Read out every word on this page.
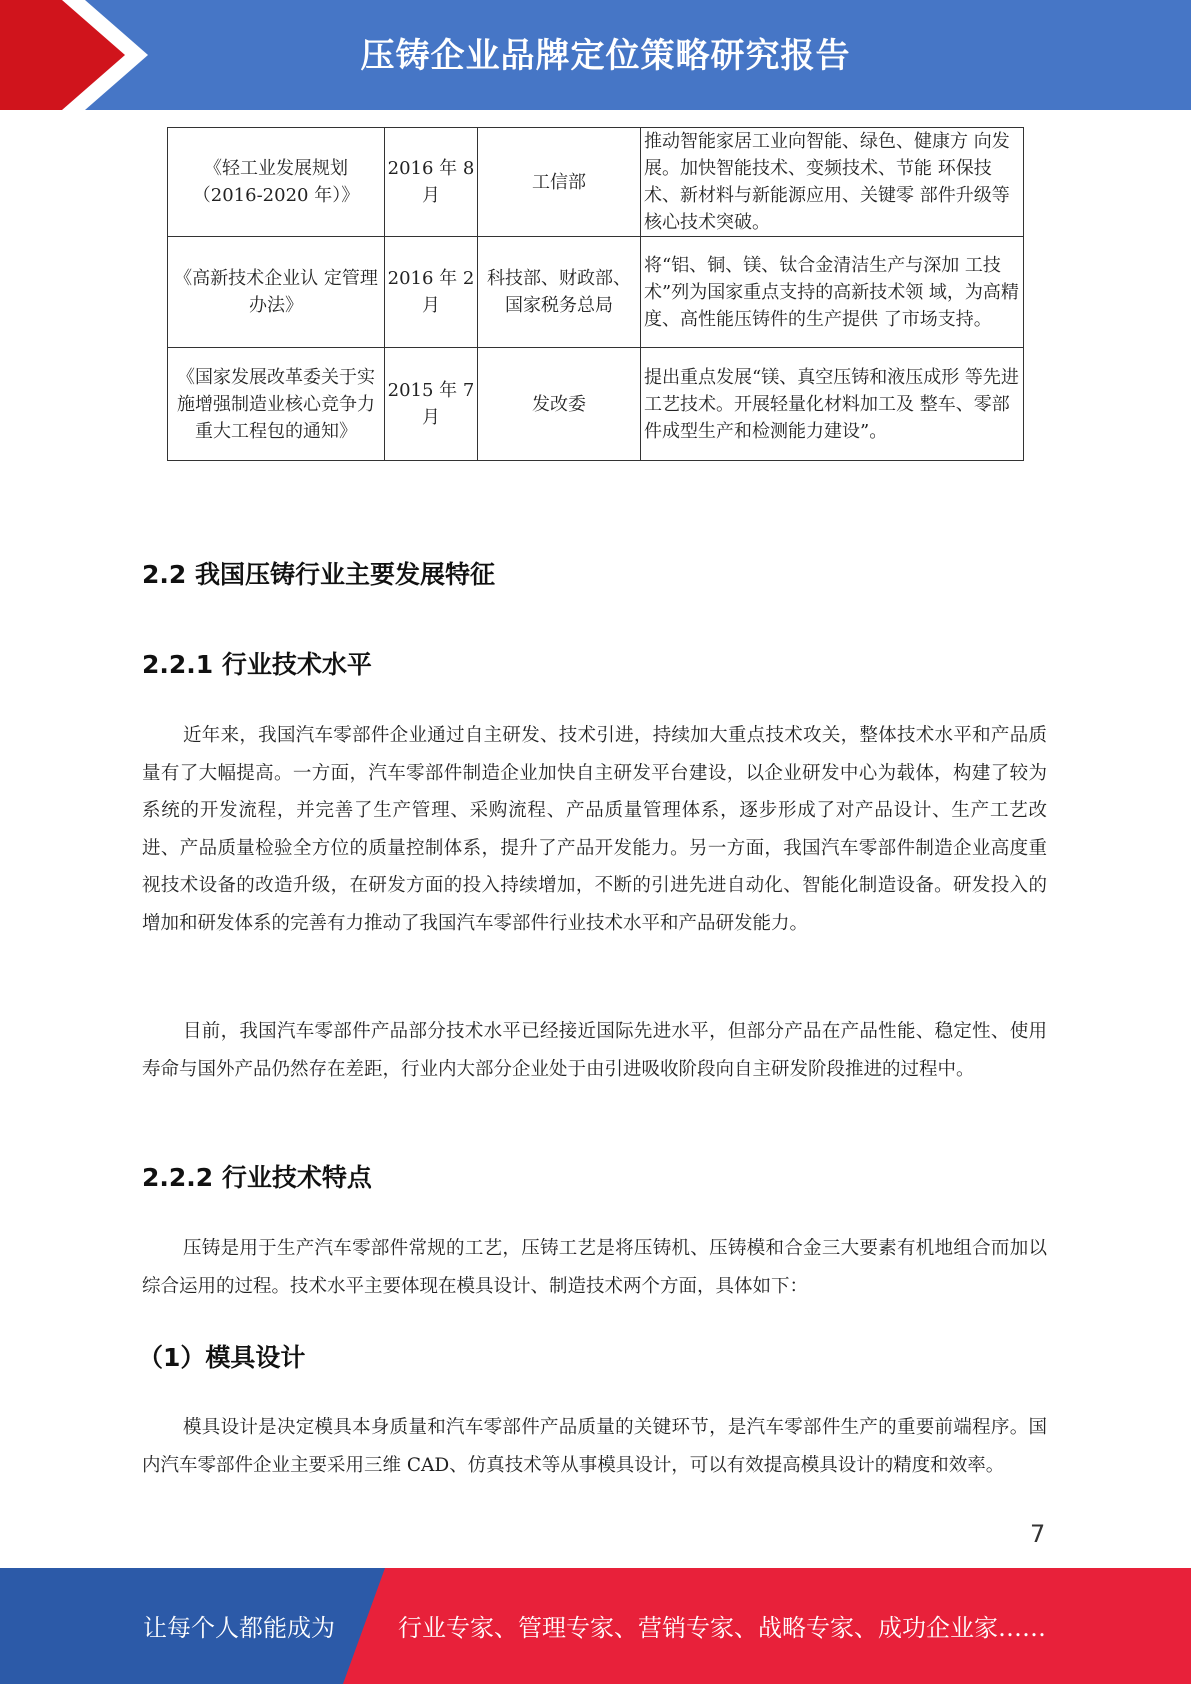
压铸企业品牌定位策略研究报告
《轻工业发展规划（2016-2020 年）》	2016 年 8 月	工信部	推动智能家居工业向智能、绿色、健康方 向发展。加快智能技术、变频技术、节能 环保技术、新材料与新能源应用、关键零 部件升级等核心技术突破。
《高新技术企业认 定管理办法》	2016 年 2 月	科技部、财政部、国家税务总局	将“铝、铜、镁、钛合金清洁生产与深加 工技术”列为国家重点支持的高新技术领 域，为高精度、高性能压铸件的生产提供 了市场支持。
《国家发展改革委关于实施增强制造业核心竞争力重大工程包的通知》	2015 年 7 月	发改委	提出重点发展“镁、真空压铸和液压成形 等先进工艺技术。开展轻量化材料加工及 整车、零部件成型生产和检测能力建设”。
2.2 我国压铸行业主要发展特征
2.2.1 行业技术水平

近年来，我国汽车零部件企业通过自主研发、技术引进，持续加大重点技术攻关，整体技术水平和产品质量有了大幅提高。一方面，汽车零部件制造企业加快自主研发平台建设，以企业研发中心为载体，构建了较为系统的开发流程，并完善了生产管理、采购流程、产品质量管理体系，逐步形成了对产品设计、生产工艺改进、产品质量检验全方位的质量控制体系，提升了产品开发能力。另一方面，我国汽车零部件制造企业高度重视技术设备的改造升级，在研发方面的投入持续增加，不断的引进先进自动化、智能化制造设备。研发投入的增加和研发体系的完善有力推动了我国汽车零部件行业技术水平和产品研发能力。

目前，我国汽车零部件产品部分技术水平已经接近国际先进水平，但部分产品在产品性能、稳定性、使用寿命与国外产品仍然存在差距，行业内大部分企业处于由引进吸收阶段向自主研发阶段推进的过程中。

2.2.2 行业技术特点

压铸是用于生产汽车零部件常规的工艺，压铸工艺是将压铸机、压铸模和合金三大要素有机地组合而加以综合运用的过程。技术水平主要体现在模具设计、制造技术两个方面，具体如下：

（1）模具设计

模具设计是决定模具本身质量和汽车零部件产品质量的关键环节，是汽车零部件生产的重要前端程序。国内汽车零部件企业主要采用三维 CAD、仿真技术等从事模具设计，可以有效提高模具设计的精度和效率。

7
让每个人都能成为	行业专家、管理专家、营销专家、战略专家、成功企业家……
